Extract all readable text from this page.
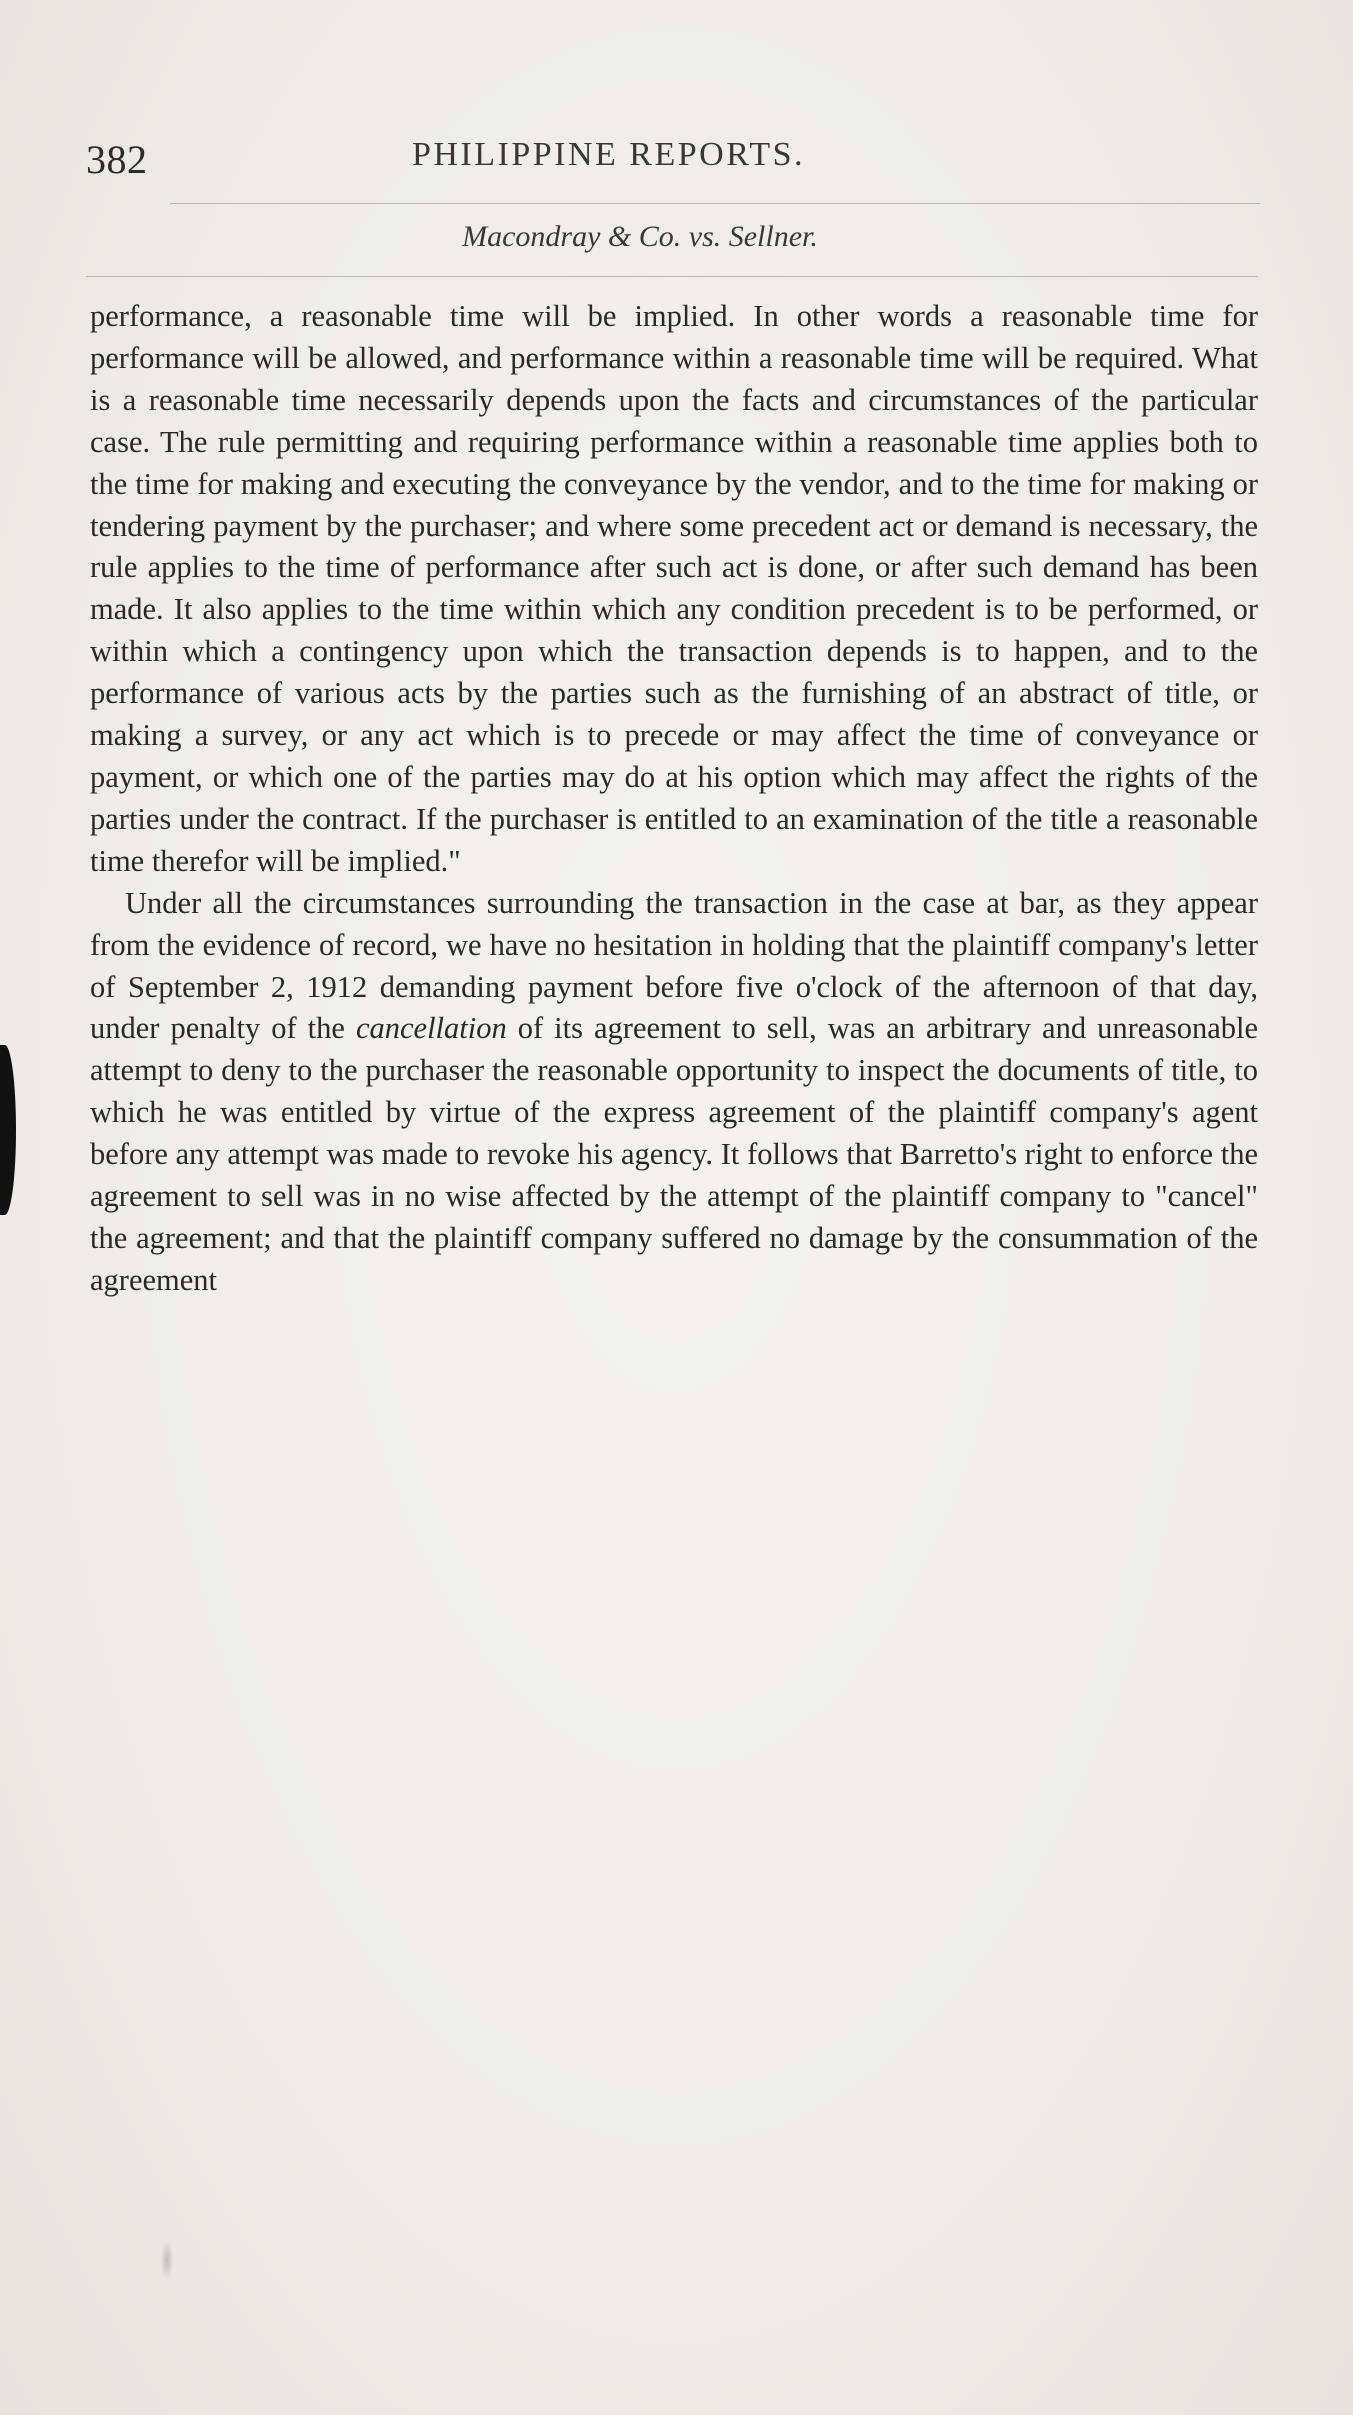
382	PHILIPPINE REPORTS.
Macondray & Co. vs. Sellner.

performance, a reasonable time will be implied. In other words a reasonable time for performance will be allowed, and performance within a reasonable time will be required. What is a reasonable time necessarily depends upon the facts and circumstances of the particular case. The rule permitting and requiring performance within a reasonable time applies both to the time for making and executing the conveyance by the vendor, and to the time for making or tendering payment by the purchaser; and where some precedent act or demand is necessary, the rule applies to the time of performance after such act is done, or after such demand has been made. It also applies to the time within which any condition precedent is to be performed, or within which a contingency upon which the transaction depends is to happen, and to the performance of various acts by the parties such as the furnishing of an abstract of title, or making a survey, or any act which is to precede or may affect the time of conveyance or payment, or which one of the parties may do at his option which may affect the rights of the parties under the contract. If the purchaser is entitled to an examination of the title a reasonable time therefor will be implied."

Under all the circumstances surrounding the transaction in the case at bar, as they appear from the evidence of record, we have no hesitation in holding that the plaintiff company's letter of September 2, 1912 demanding payment before five o'clock of the afternoon of that day, under penalty of the cancellation of its agreement to sell, was an arbitrary and unreasonable attempt to deny to the purchaser the reasonable opportunity to inspect the documents of title, to which he was entitled by virtue of the express agreement of the plaintiff company's agent before any attempt was made to revoke his agency. It follows that Barretto's right to enforce the agreement to sell was in no wise affected by the attempt of the plaintiff company to "cancel" the agreement; and that the plaintiff company suffered no damage by the consummation of the agreement
